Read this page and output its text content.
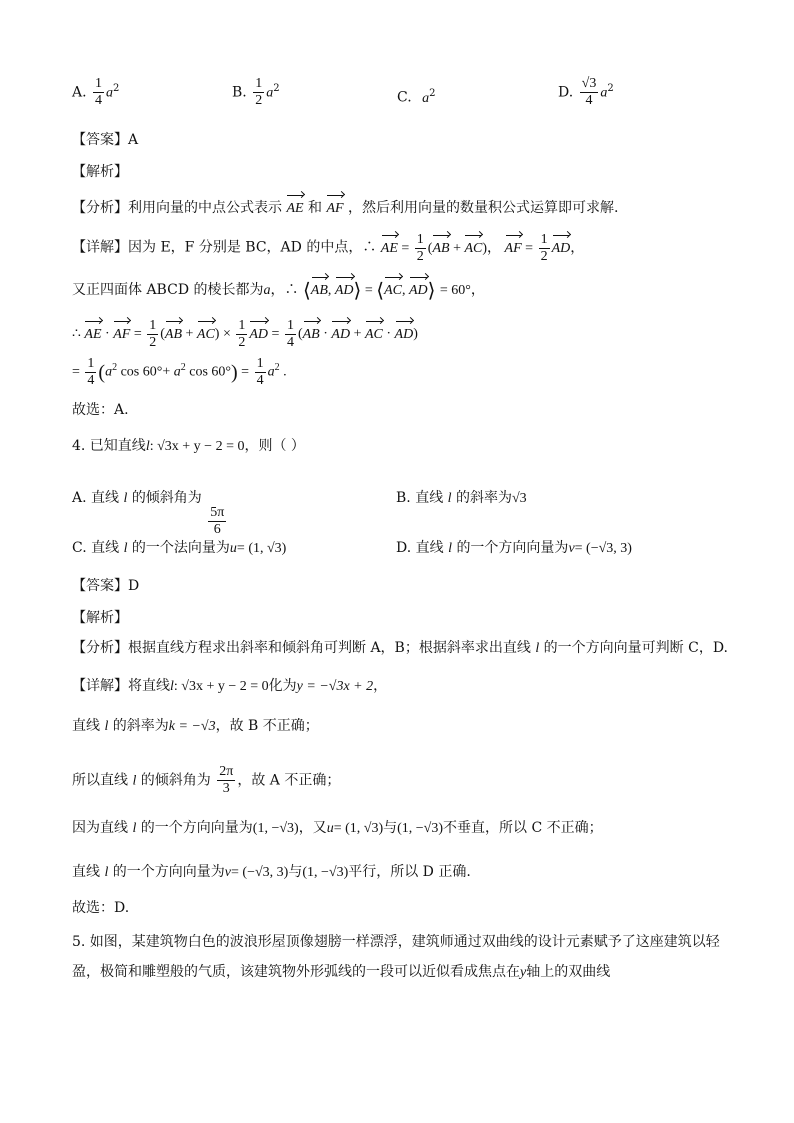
A. $\frac{1}{4} a^2$	B. $\frac{1}{2} a^2$
C. $a^2$	D. $\frac{√3}{4} a^2$
【答案】A
【解析】
【分析】利用向量的中点公式表示 AE 和 AF ，然后利用向量的数量积公式运算即可求解.
【详解】因为 E，F 分别是 BC，AD 的中点，∴ AE = $\frac{1}{2} (AB + AC)$， AF = $\frac{1}{2}$ AD，
又正四面体 ABCD 的棱长都为a，∴ ⟨AB, AD⟩ = ⟨AC, AD⟩ = 60°，
∴ AE · AF = $\frac{1}{2} (AB + AC) \times \frac{1}{2}$ AD = $\frac{1}{4} (AB$ · AD + AC · AD)
= $\frac{1}{4} (a^2$ $\cos 60^\circ+ a^2$ $\cos 60^\circ) = \frac{1}{4} a^2$ .
故选：A.
4. 已知直线l: √3x + y − 2 = 0，则（ ）
A. 直线 l 的倾斜角为
$\frac{5\pi}{6}$
B. 直线 l 的斜率为√3
C. 直线 l 的一个法向量为u= (1, √3)	D. 直线 l 的一个方向向量为v= (−√3, 3)
【答案】D
【解析】
【分析】根据直线方程求出斜率和倾斜角可判断 A，B；根据斜率求出直线 l 的一个方向向量可判断 C，D.
【详解】将直线l: √3x + y − 2 = 0化为y = −√3x + 2，
直线 l 的斜率为k = −√3，故 B 不正确；
所以直线 l 的倾斜角为 $\frac{2\pi}{3}$ ，故 A 不正确；
因为直线 l 的一个方向向量为(1, −√3)，又u= (1, √3)与(1, −√3)不垂直，所以 C 不正确；
直线 l 的一个方向向量为v= (−√3, 3)与(1, −√3)平行，所以 D 正确.
故选：D.
5. 如图，某建筑物白色的波浪形屋顶像翅膀一样漂浮，建筑师通过双曲线的设计元素赋予了这座建筑以轻
盈，极简和雕塑般的气质，该建筑物外形弧线的一段可以近似看成焦点在y轴上的双曲线
